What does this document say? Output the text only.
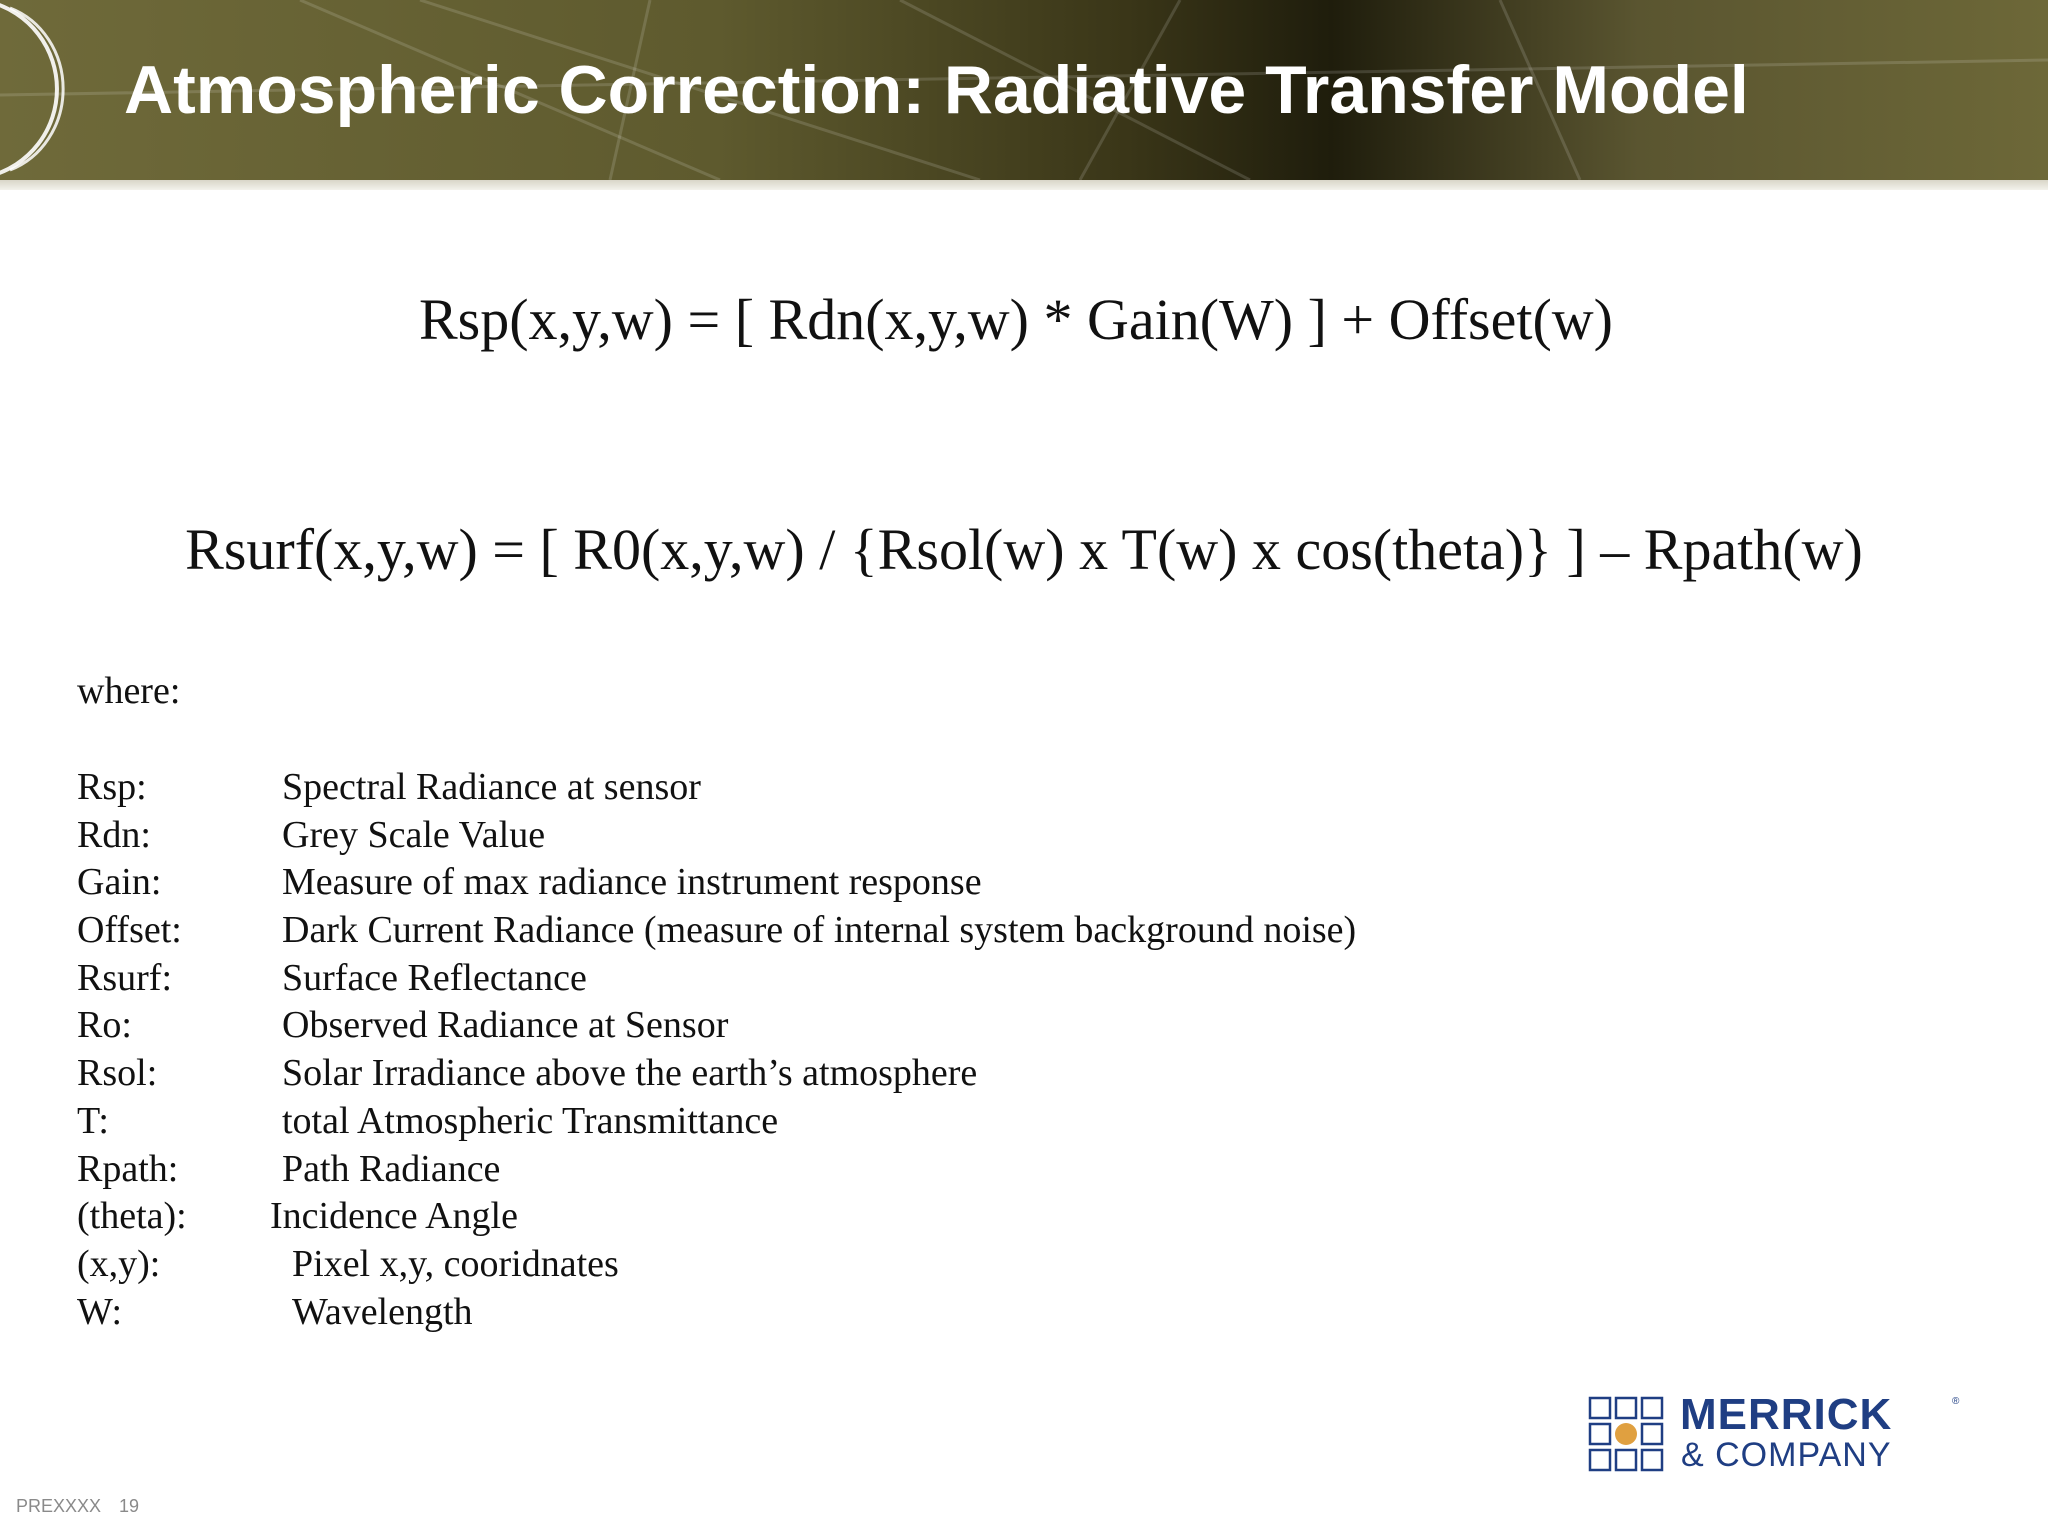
Atmospheric Correction: Radiative Transfer Model

Rsp(x,y,w) = [ Rdn(x,y,w) * Gain(W) ] + Offset(w)

Rsurf(x,y,w) = [ R0(x,y,w) / {Rsol(w) x T(w) x cos(theta)} ] – Rpath(w)

where:

Rsp:	Spectral Radiance at sensor
Rdn:	Grey Scale Value
Gain:	Measure of max radiance instrument response
Offset:	Dark Current Radiance (measure of internal system background noise)
Rsurf:	Surface Reflectance
Ro:	Observed Radiance at Sensor
Rsol:	Solar Irradiance above the earth’s atmosphere
T:	total Atmospheric Transmittance
Rpath:	Path Radiance
(theta): Incidence Angle
(x,y):	Pixel x,y, cooridnates
W:	Wavelength
MERRICK	®
& COMPANY
PREXXXX 19
